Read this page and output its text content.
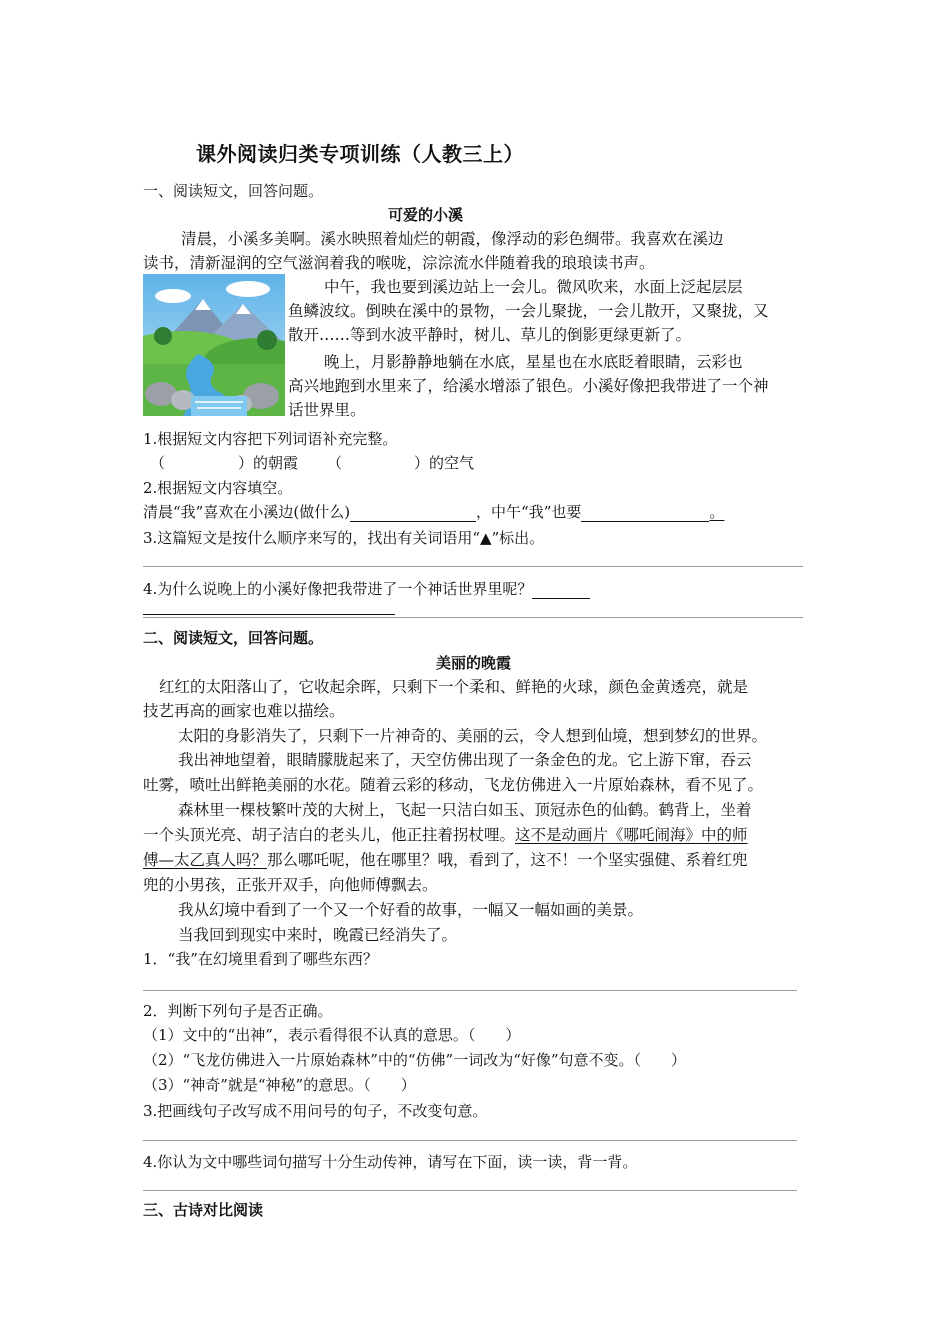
课外阅读归类专项训练（人教三上）
一、阅读短文，回答问题。
可爱的小溪
清晨，小溪多美啊。溪水映照着灿烂的朝霞，像浮动的彩色绸带。我喜欢在溪边
读书，清新湿润的空气滋润着我的喉咙，淙淙流水伴随着我的琅琅读书声。
中午，我也要到溪边站上一会儿。微风吹来，水面上泛起层层
鱼鳞波纹。倒映在溪中的景物，一会儿聚拢，一会儿散开，又聚拢，又
散开……等到水波平静时，树儿、草儿的倒影更绿更新了。
晚上，月影静静地躺在水底，星星也在水底眨着眼睛，云彩也
高兴地跑到水里来了，给溪水增添了银色。小溪好像把我带进了一个神
话世界里。
1.根据短文内容把下列词语补充完整。
（	）的朝霞 （	）的空气
2.根据短文内容填空。
清晨“我”喜欢在小溪边(做什么)	，中午“我”也要	。
3.这篇短文是按什么顺序来写的，找出有关词语用“▲”标出。
4.为什么说晚上的小溪好像把我带进了一个神话世界里呢？
二、阅读短文，回答问题。
美丽的晚霞
红红的太阳落山了，它收起余晖，只剩下一个柔和、鲜艳的火球，颜色金黄透亮，就是
技艺再高的画家也难以描绘。
太阳的身影消失了，只剩下一片神奇的、美丽的云，令人想到仙境，想到梦幻的世界。
我出神地望着，眼睛朦胧起来了，天空仿佛出现了一条金色的龙。它上游下窜，吞云
吐雾，喷吐出鲜艳美丽的水花。随着云彩的移动，飞龙仿佛进入一片原始森林，看不见了。
森林里一棵枝繁叶茂的大树上，飞起一只洁白如玉、顶冠赤色的仙鹤。鹤背上，坐着
一个头顶光亮、胡子洁白的老头儿，他正拄着拐杖哩。这不是动画片《哪吒闹海》中的师
傅—太乙真人吗？那么哪吒呢，他在哪里？哦，看到了，这不！一个坚实强健、系着红兜
兜的小男孩，正张开双手，向他师傅飘去。
我从幻境中看到了一个又一个好看的故事，一幅又一幅如画的美景。
当我回到现实中来时，晚霞已经消失了。
1．“我”在幻境里看到了哪些东西？
2．判断下列句子是否正确。
（1）文中的“出神”，表示看得很不认真的意思。（　　）
（2）“飞龙仿佛进入一片原始森林”中的“仿佛”一词改为“好像”句意不变。（　　）
（3）“神奇”就是“神秘”的意思。（　　）
3.把画线句子改写成不用问号的句子，不改变句意。
4.你认为文中哪些词句描写十分生动传神，请写在下面，读一读，背一背。
三、古诗对比阅读
